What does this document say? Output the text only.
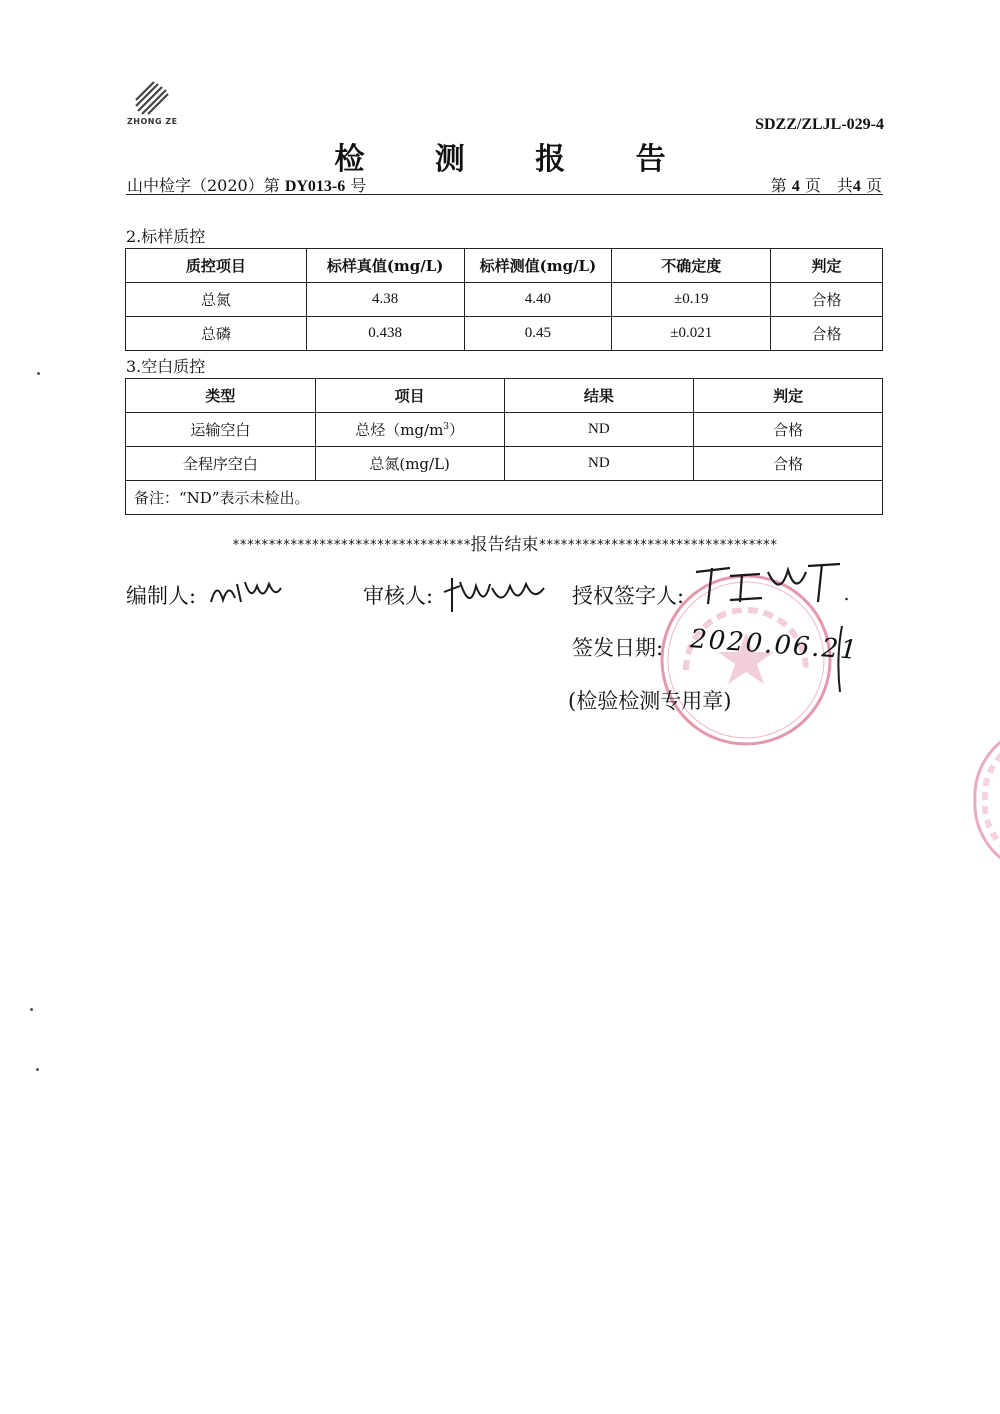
ZHONG ZE	SDZZ/ZLJL-029-4
检 测 报 告
山中检字（2020）第 DY013-6 号	第 4 页　共4 页
2.标样质控
质控项目	标样真值(mg/L)	标样测值(mg/L)	不确定度	判定
总氮	4.38	4.40	±0.19	合格
总磷	0.438	0.45	±0.021	合格
3.空白质控
类型	项目	结果	判定
运输空白	总烃$(mg/m^3)$	ND	合格
全程序空白	总氮(mg/L)	ND	合格
备注：“ND”表示未检出。			
*********************************报告结束*********************************
编制人:	审核人:	授权签字人:
签发日期: 2020.06.21
(检验检测专用章)
